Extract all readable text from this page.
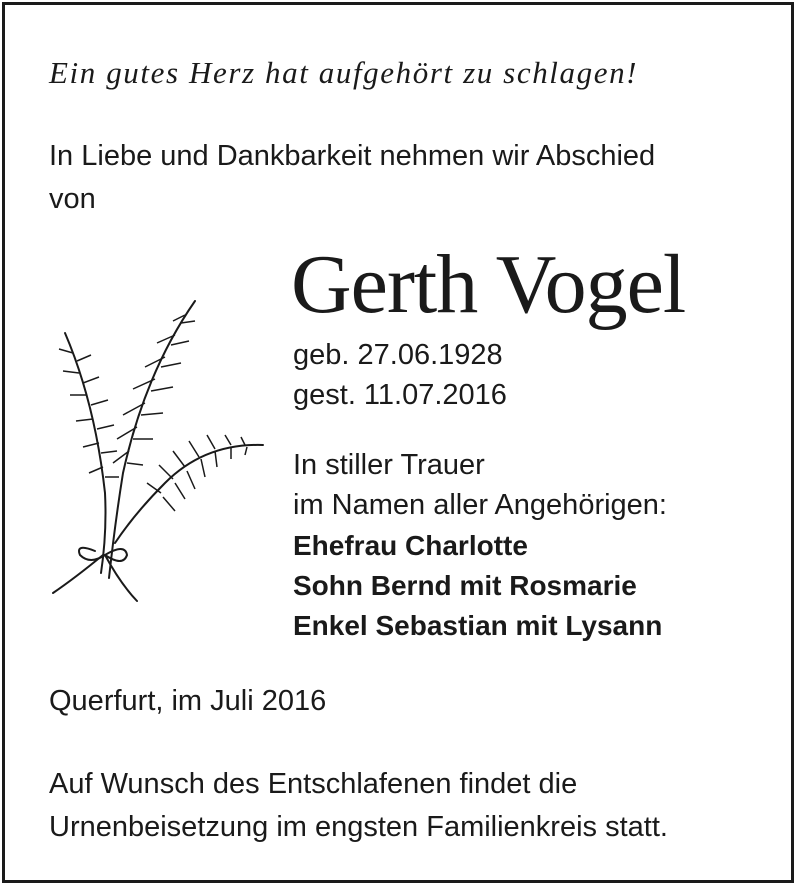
Ein gutes Herz hat aufgehört zu schlagen!
In Liebe und Dankbarkeit nehmen wir Abschied
von
Gerth Vogel
geb. 27.06.1928
gest. 11.07.2016
In stiller Trauer
im Namen aller Angehörigen:
Ehefrau Charlotte
Sohn Bernd mit Rosmarie
Enkel Sebastian mit Lysann
Querfurt, im Juli 2016
Auf Wunsch des Entschlafenen findet die
Urnenbeisetzung im engsten Familienkreis statt.
